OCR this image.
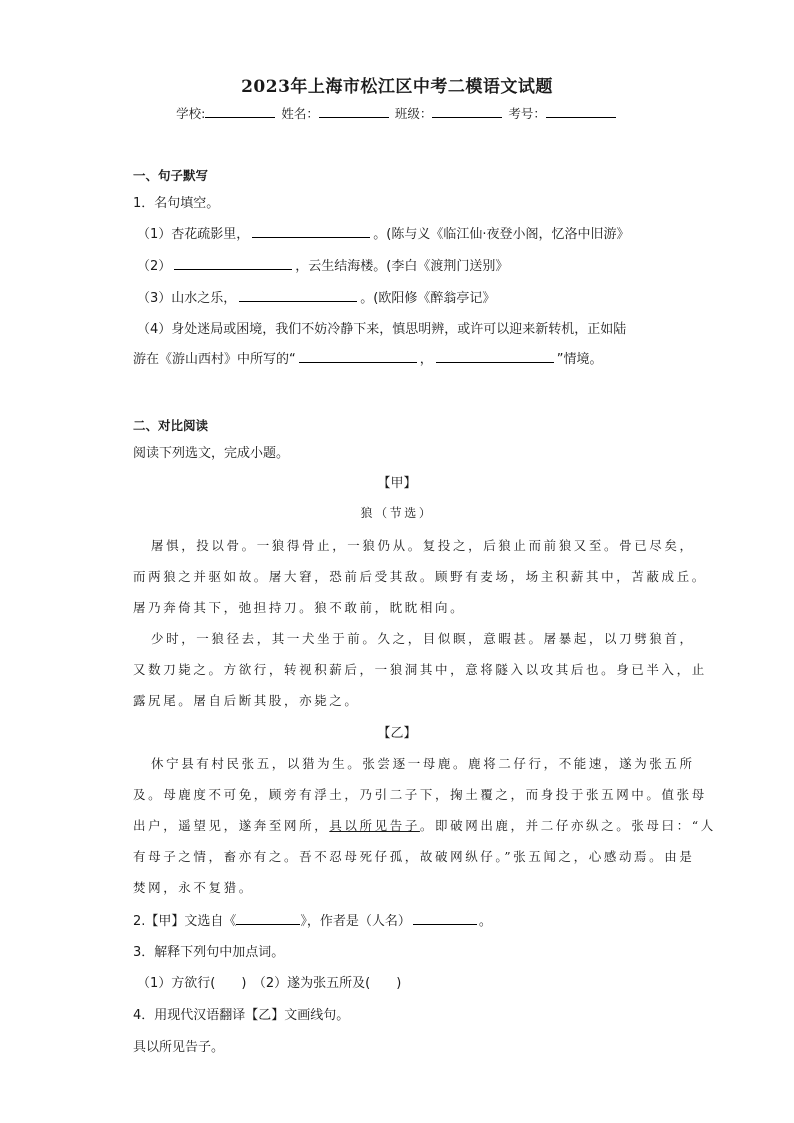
2023年上海市松江区中考二模语文试题
学校:	姓名：	班级：	考号：
一、句子默写
1．名句填空。
（1）杏花疏影里，	。(陈与义《临江仙·夜登小阁，忆洛中旧游》
（2）	，云生结海楼。(李白《渡荆门送别》
（3）山水之乐，	。(欧阳修《醉翁亭记》
（4）身处迷局或困境，我们不妨冷静下来，慎思明辨，或许可以迎来新转机，正如陆
游在《游山西村》中所写的“	，	”情境。
二、对比阅读
阅读下列选文，完成小题。
【甲】
狼（节选）
屠惧，投以骨。一狼得骨止，一狼仍从。复投之，后狼止而前狼又至。骨已尽矣，
而两狼之并驱如故。屠大窘，恐前后受其敌。顾野有麦场，场主积薪其中，苫蔽成丘。
屠乃奔倚其下，弛担持刀。狼不敢前，眈眈相向。
少时，一狼径去，其一犬坐于前。久之，目似瞑，意暇甚。屠暴起，以刀劈狼首，
又数刀毙之。方欲行，转视积薪后，一狼洞其中，意将隧入以攻其后也。身已半入，止
露尻尾。屠自后断其股，亦毙之。
【乙】
休宁县有村民张五，以猎为生。张尝逐一母鹿。鹿将二仔行，不能速，遂为张五所
及。母鹿度不可免，顾旁有浮土，乃引二子下，掬土覆之，而身投于张五网中。值张母
出户，遥望见，遂奔至网所，具以所见告子。即破网出鹿，并二仔亦纵之。张母曰：“人
有母子之情，畜亦有之。吾不忍母死仔孤，故破网纵仔。”张五闻之，心感动焉。由是
焚网，永不复猎。
2.【甲】文选自《	》，作者是（人名）	。
3．解释下列句中加点词。
（1）方欲行(　　)　（2）遂为张五所及(　　)
4．用现代汉语翻译【乙】文画线句。
具以所见告子。
